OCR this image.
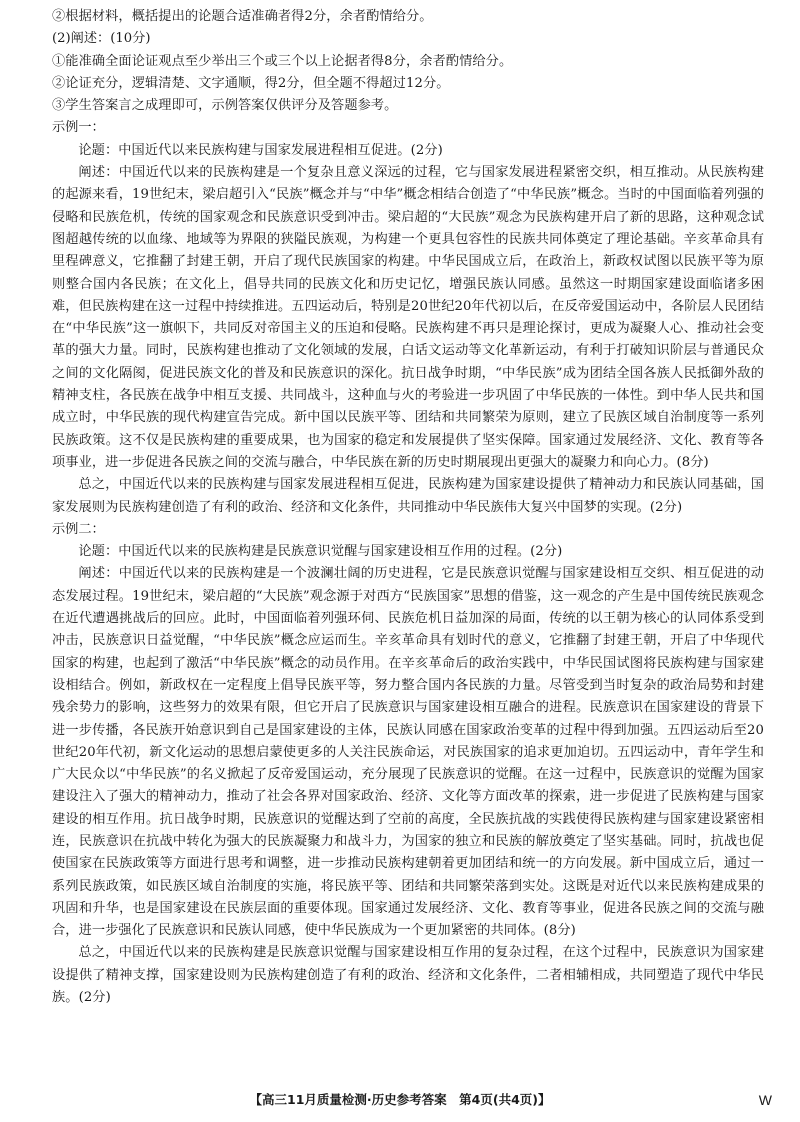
②根据材料，概括提出的论题合适准确者得2分，余者酌情给分。

(2)阐述：(10分)

①能准确全面论证观点至少举出三个或三个以上论据者得8分，余者酌情给分。

②论证充分，逻辑清楚、文字通顺，得2分，但全题不得超过12分。

③学生答案言之成理即可，示例答案仅供评分及答题参考。

示例一：

论题：中国近代以来民族构建与国家发展进程相互促进。(2分)

阐述：中国近代以来的民族构建是一个复杂且意义深远的过程，它与国家发展进程紧密交织，相互推动。从民族构建的起源来看，19世纪末，梁启超引入“民族”概念并与“中华”概念相结合创造了“中华民族”概念。当时的中国面临着列强的侵略和民族危机，传统的国家观念和民族意识受到冲击。梁启超的“大民族”观念为民族构建开启了新的思路，这种观念试图超越传统的以血缘、地域等为界限的狭隘民族观，为构建一个更具包容性的民族共同体奠定了理论基础。辛亥革命具有里程碑意义，它推翻了封建王朝，开启了现代民族国家的构建。中华民国成立后，在政治上，新政权试图以民族平等为原则整合国内各民族；在文化上，倡导共同的民族文化和历史记忆，增强民族认同感。虽然这一时期国家建设面临诸多困难，但民族构建在这一过程中持续推进。五四运动后，特别是20世纪20年代初以后，在反帝爱国运动中，各阶层人民团结在“中华民族”这一旗帜下，共同反对帝国主义的压迫和侵略。民族构建不再只是理论探讨，更成为凝聚人心、推动社会变革的强大力量。同时，民族构建也推动了文化领域的发展，白话文运动等文化革新运动，有利于打破知识阶层与普通民众之间的文化隔阂，促进民族文化的普及和民族意识的深化。抗日战争时期，“中华民族”成为团结全国各族人民抵御外敌的精神支柱，各民族在战争中相互支援、共同战斗，这种血与火的考验进一步巩固了中华民族的一体性。到中华人民共和国成立时，中华民族的现代构建宣告完成。新中国以民族平等、团结和共同繁荣为原则，建立了民族区域自治制度等一系列民族政策。这不仅是民族构建的重要成果，也为国家的稳定和发展提供了坚实保障。国家通过发展经济、文化、教育等各项事业，进一步促进各民族之间的交流与融合，中华民族在新的历史时期展现出更强大的凝聚力和向心力。(8分)

总之，中国近代以来的民族构建与国家发展进程相互促进，民族构建为国家建设提供了精神动力和民族认同基础，国家发展则为民族构建创造了有利的政治、经济和文化条件，共同推动中华民族伟大复兴中国梦的实现。(2分)

示例二：

论题：中国近代以来的民族构建是民族意识觉醒与国家建设相互作用的过程。(2分)

阐述：中国近代以来的民族构建是一个波澜壮阔的历史进程，它是民族意识觉醒与国家建设相互交织、相互促进的动态发展过程。19世纪末，梁启超的“大民族”观念源于对西方“民族国家”思想的借鉴，这一观念的产生是中国传统民族观念在近代遭遇挑战后的回应。此时，中国面临着列强环伺、民族危机日益加深的局面，传统的以王朝为核心的认同体系受到冲击，民族意识日益觉醒，“中华民族”概念应运而生。辛亥革命具有划时代的意义，它推翻了封建王朝，开启了中华现代国家的构建，也起到了激活“中华民族”概念的动员作用。在辛亥革命后的政治实践中，中华民国试图将民族构建与国家建设相结合。例如，新政权在一定程度上倡导民族平等，努力整合国内各民族的力量。尽管受到当时复杂的政治局势和封建残余势力的影响，这些努力的效果有限，但它开启了民族意识与国家建设相互融合的进程。民族意识在国家建设的背景下进一步传播，各民族开始意识到自己是国家建设的主体，民族认同感在国家政治变革的过程中得到加强。五四运动后至20世纪20年代初，新文化运动的思想启蒙使更多的人关注民族命运，对民族国家的追求更加迫切。五四运动中，青年学生和广大民众以“中华民族”的名义掀起了反帝爱国运动，充分展现了民族意识的觉醒。在这一过程中，民族意识的觉醒为国家建设注入了强大的精神动力，推动了社会各界对国家政治、经济、文化等方面改革的探索，进一步促进了民族构建与国家建设的相互作用。抗日战争时期，民族意识的觉醒达到了空前的高度，全民族抗战的实践使得民族构建与国家建设紧密相连，民族意识在抗战中转化为强大的民族凝聚力和战斗力，为国家的独立和民族的解放奠定了坚实基础。同时，抗战也促使国家在民族政策等方面进行思考和调整，进一步推动民族构建朝着更加团结和统一的方向发展。新中国成立后，通过一系列民族政策，如民族区域自治制度的实施，将民族平等、团结和共同繁荣落到实处。这既是对近代以来民族构建成果的巩固和升华，也是国家建设在民族层面的重要体现。国家通过发展经济、文化、教育等事业，促进各民族之间的交流与融合，进一步强化了民族意识和民族认同感，使中华民族成为一个更加紧密的共同体。(8分)

总之，中国近代以来的民族构建是民族意识觉醒与国家建设相互作用的复杂过程，在这个过程中，民族意识为国家建设提供了精神支撑，国家建设则为民族构建创造了有利的政治、经济和文化条件，二者相辅相成，共同塑造了现代中华民族。(2分)

【高三11月质量检测·历史参考答案　第4页(共4页)】	W
